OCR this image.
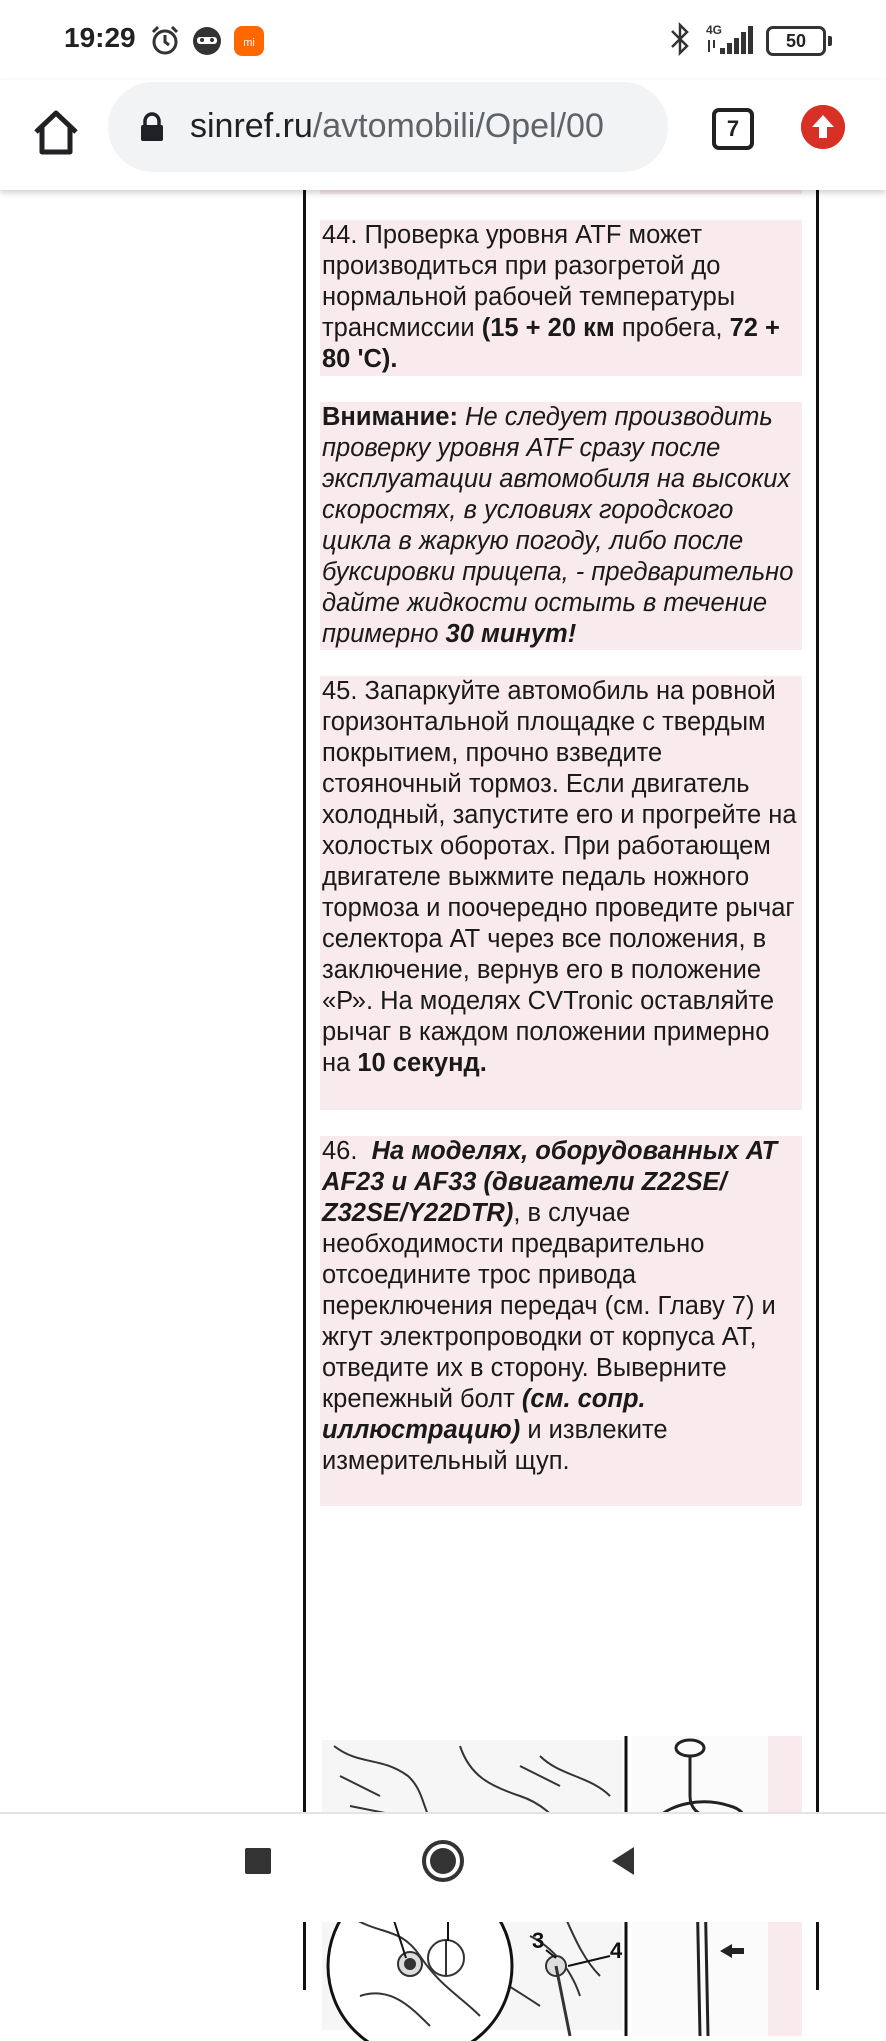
19:29	mi
4G
50
sinref.ru/avtomobili/Opel/00	7

44. Проверка уровня ATF может производиться при разогретой до нормальной рабочей температуры трансмиссии (15 + 20 км пробега, 72 + 80 'С).

Внимание: Не следует производить проверку уровня ATF сразу после эксплуатации автомобиля на высоких скоростях, в условиях городского цикла в жаркую погоду, либо после буксировки прицепа, - предварительно дайте жидкости остыть в течение примерно 30 минут!

45. Запаркуйте автомобиль на ровной горизонтальной площадке с твердым покрытием, прочно взведите стояночный тормоз. Если двигатель холодный, запустите его и прогрейте на холостых оборотах. При работающем двигателе выжмите педаль ножного тормоза и поочередно проведите рычаг селектора АТ через все положения, в заключение, вернув его в положение «Р». На моделях CVTronic оставляйте рычаг в каждом положении примерно на 10 секунд.

46. На моделях, оборудованных АТ AF23 и AF33 (двигатели Z22SE/ Z32SE/Y22DTR), в случае необходимости предварительно отсоедините трос привода переключения передач (см. Главу 7) и жгут электропроводки от корпуса АТ, отведите их в сторону. Выверните крепежный болт (см. сопр. иллюстрацию) и извлеките измерительный щуп.

3	4
